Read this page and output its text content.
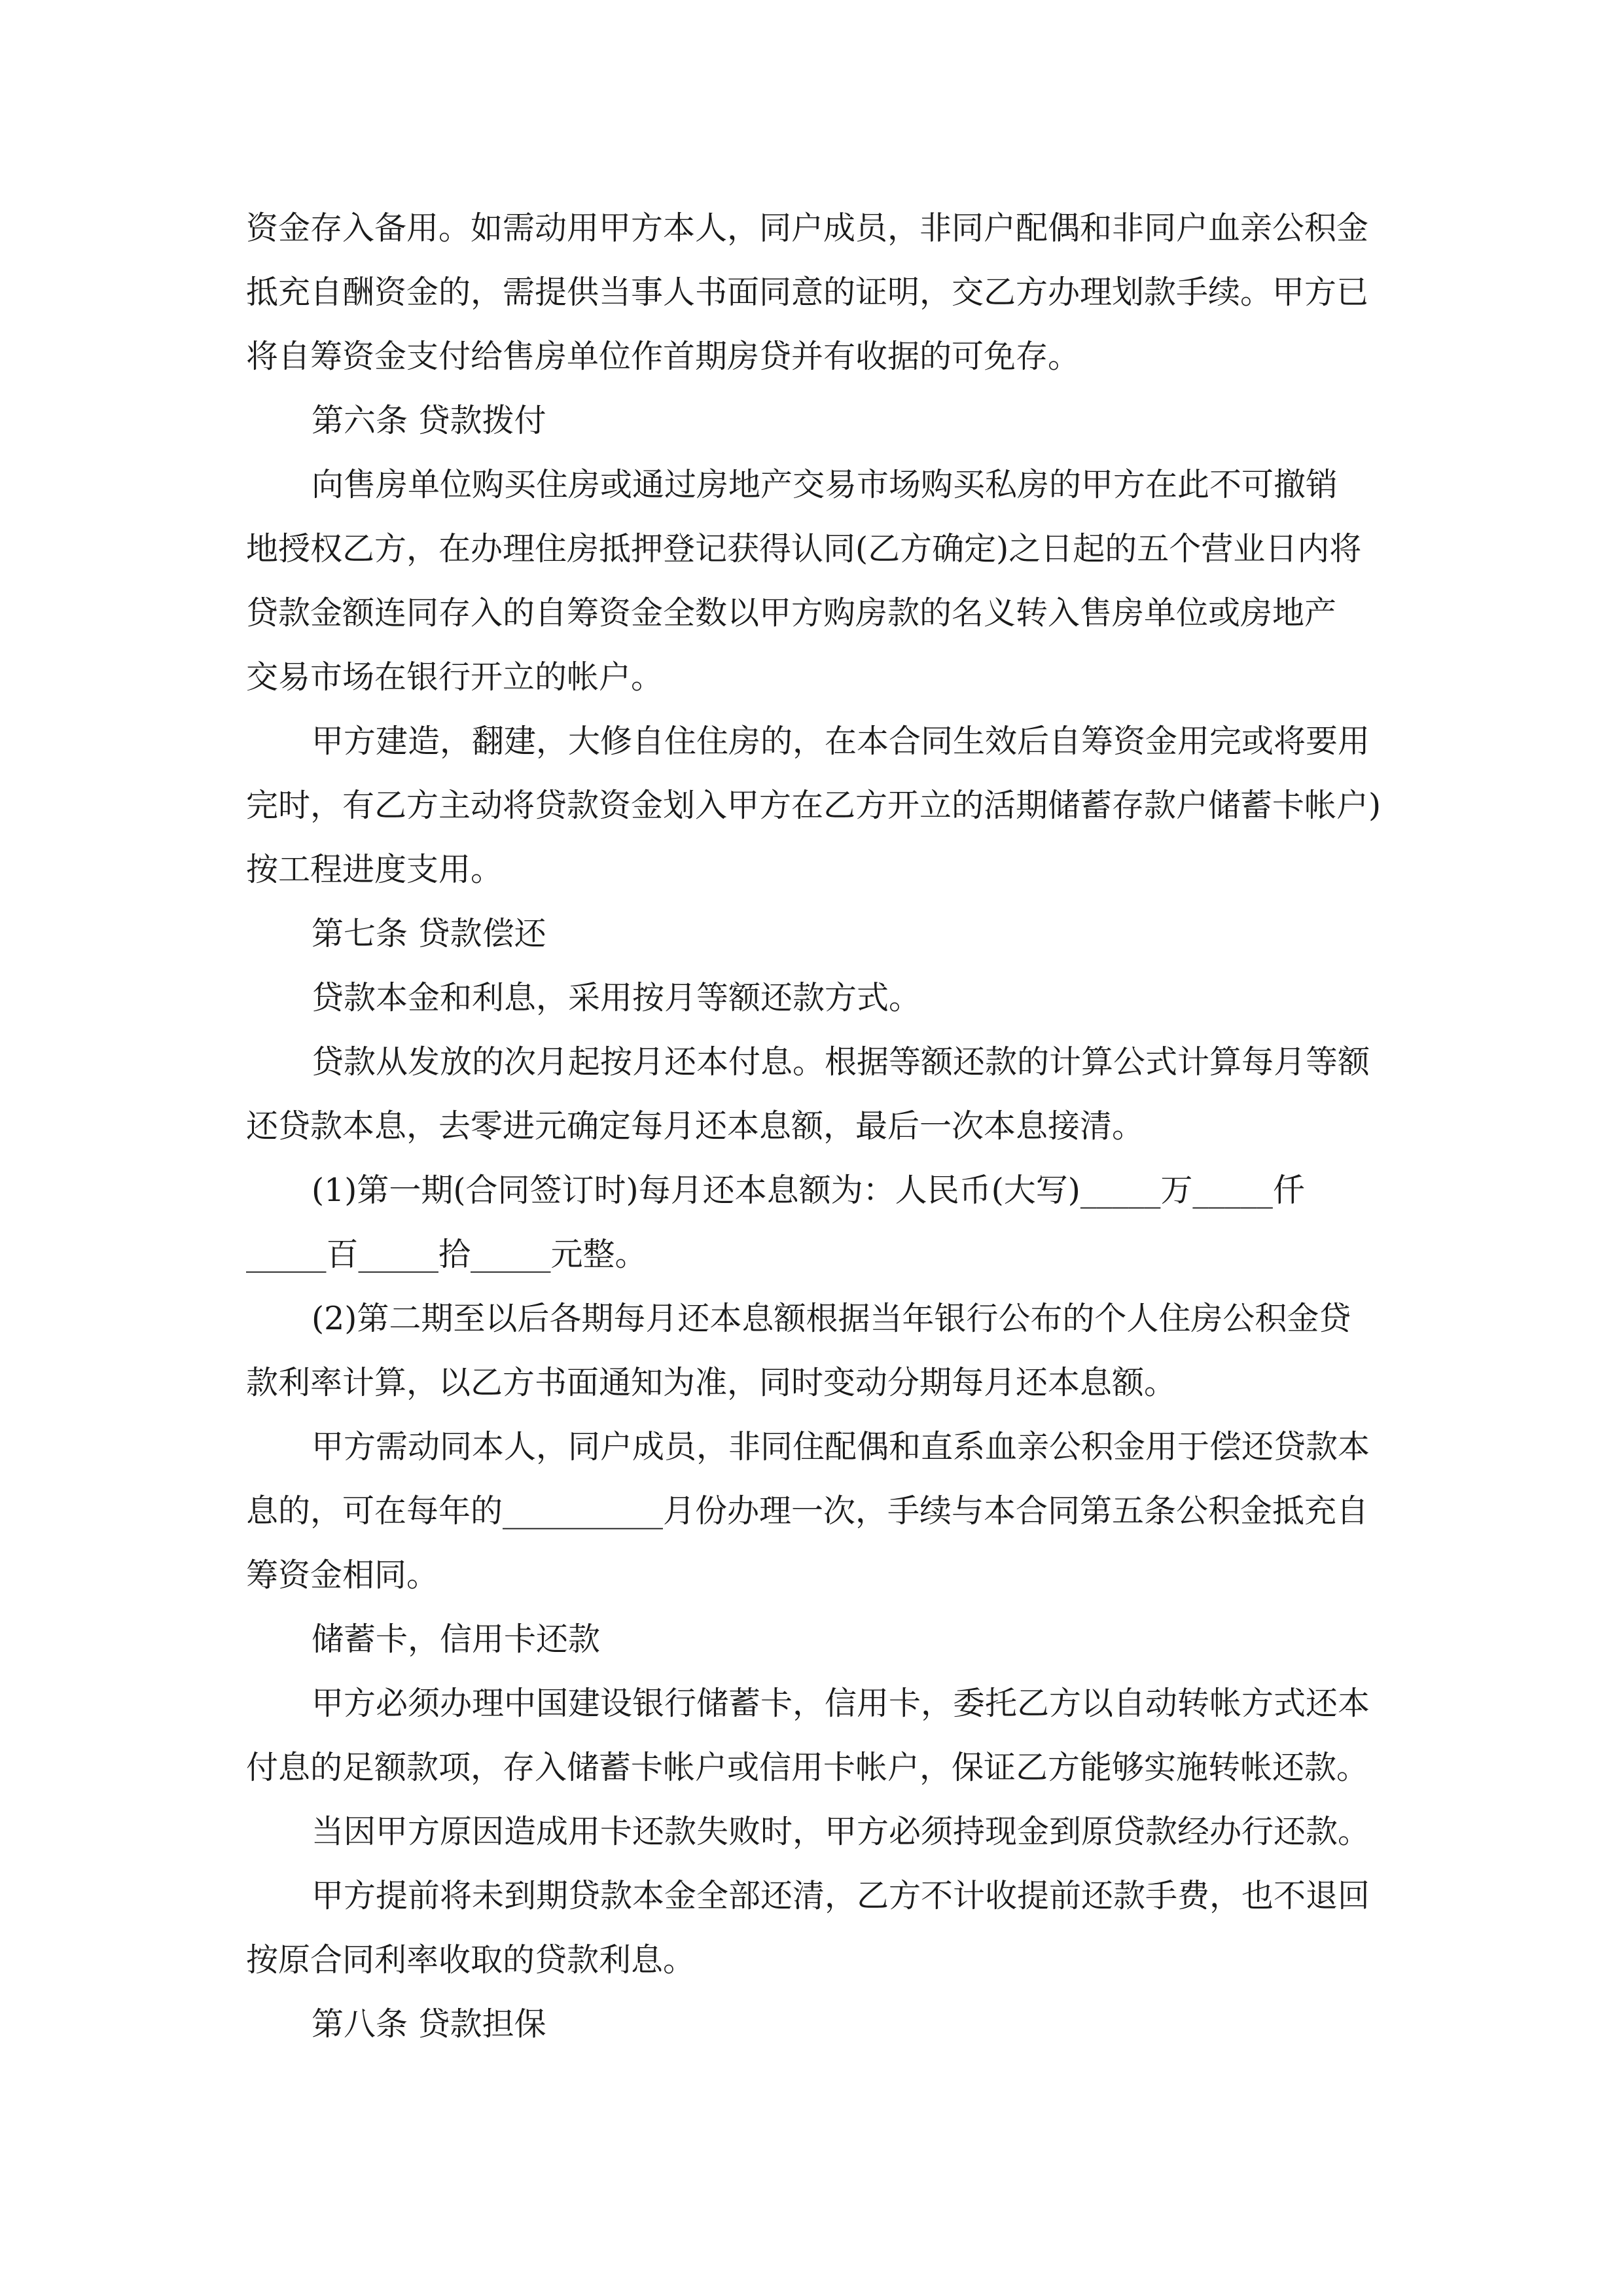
资金存入备用。如需动用甲方本人，同户成员，非同户配偶和非同户血亲公积金
抵充自酬资金的，需提供当事人书面同意的证明，交乙方办理划款手续。甲方已
将自筹资金支付给售房单位作首期房贷并有收据的可免存。
第六条 贷款拨付
向售房单位购买住房或通过房地产交易市场购买私房的甲方在此不可撤销
地授权乙方，在办理住房抵押登记获得认同(乙方确定)之日起的五个营业日内将
贷款金额连同存入的自筹资金全数以甲方购房款的名义转入售房单位或房地产
交易市场在银行开立的帐户。
甲方建造，翻建，大修自住住房的，在本合同生效后自筹资金用完或将要用
完时，有乙方主动将贷款资金划入甲方在乙方开立的活期储蓄存款户储蓄卡帐户)
按工程进度支用。
第七条 贷款偿还
贷款本金和利息，采用按月等额还款方式。
贷款从发放的次月起按月还本付息。根据等额还款的计算公式计算每月等额
还贷款本息，去零进元确定每月还本息额，最后一次本息接清。
(1)第一期(合同签订时)每月还本息额为：人民币(大写)_____万_____仟
_____百_____拾_____元整。
(2)第二期至以后各期每月还本息额根据当年银行公布的个人住房公积金贷
款利率计算，以乙方书面通知为准，同时变动分期每月还本息额。
甲方需动同本人，同户成员，非同住配偶和直系血亲公积金用于偿还贷款本
息的，可在每年的__________月份办理一次，手续与本合同第五条公积金抵充自
筹资金相同。
储蓄卡，信用卡还款
甲方必须办理中国建设银行储蓄卡，信用卡，委托乙方以自动转帐方式还本
付息的足额款项，存入储蓄卡帐户或信用卡帐户，保证乙方能够实施转帐还款。
当因甲方原因造成用卡还款失败时，甲方必须持现金到原贷款经办行还款。
甲方提前将未到期贷款本金全部还清，乙方不计收提前还款手费，也不退回
按原合同利率收取的贷款利息。
第八条 贷款担保
